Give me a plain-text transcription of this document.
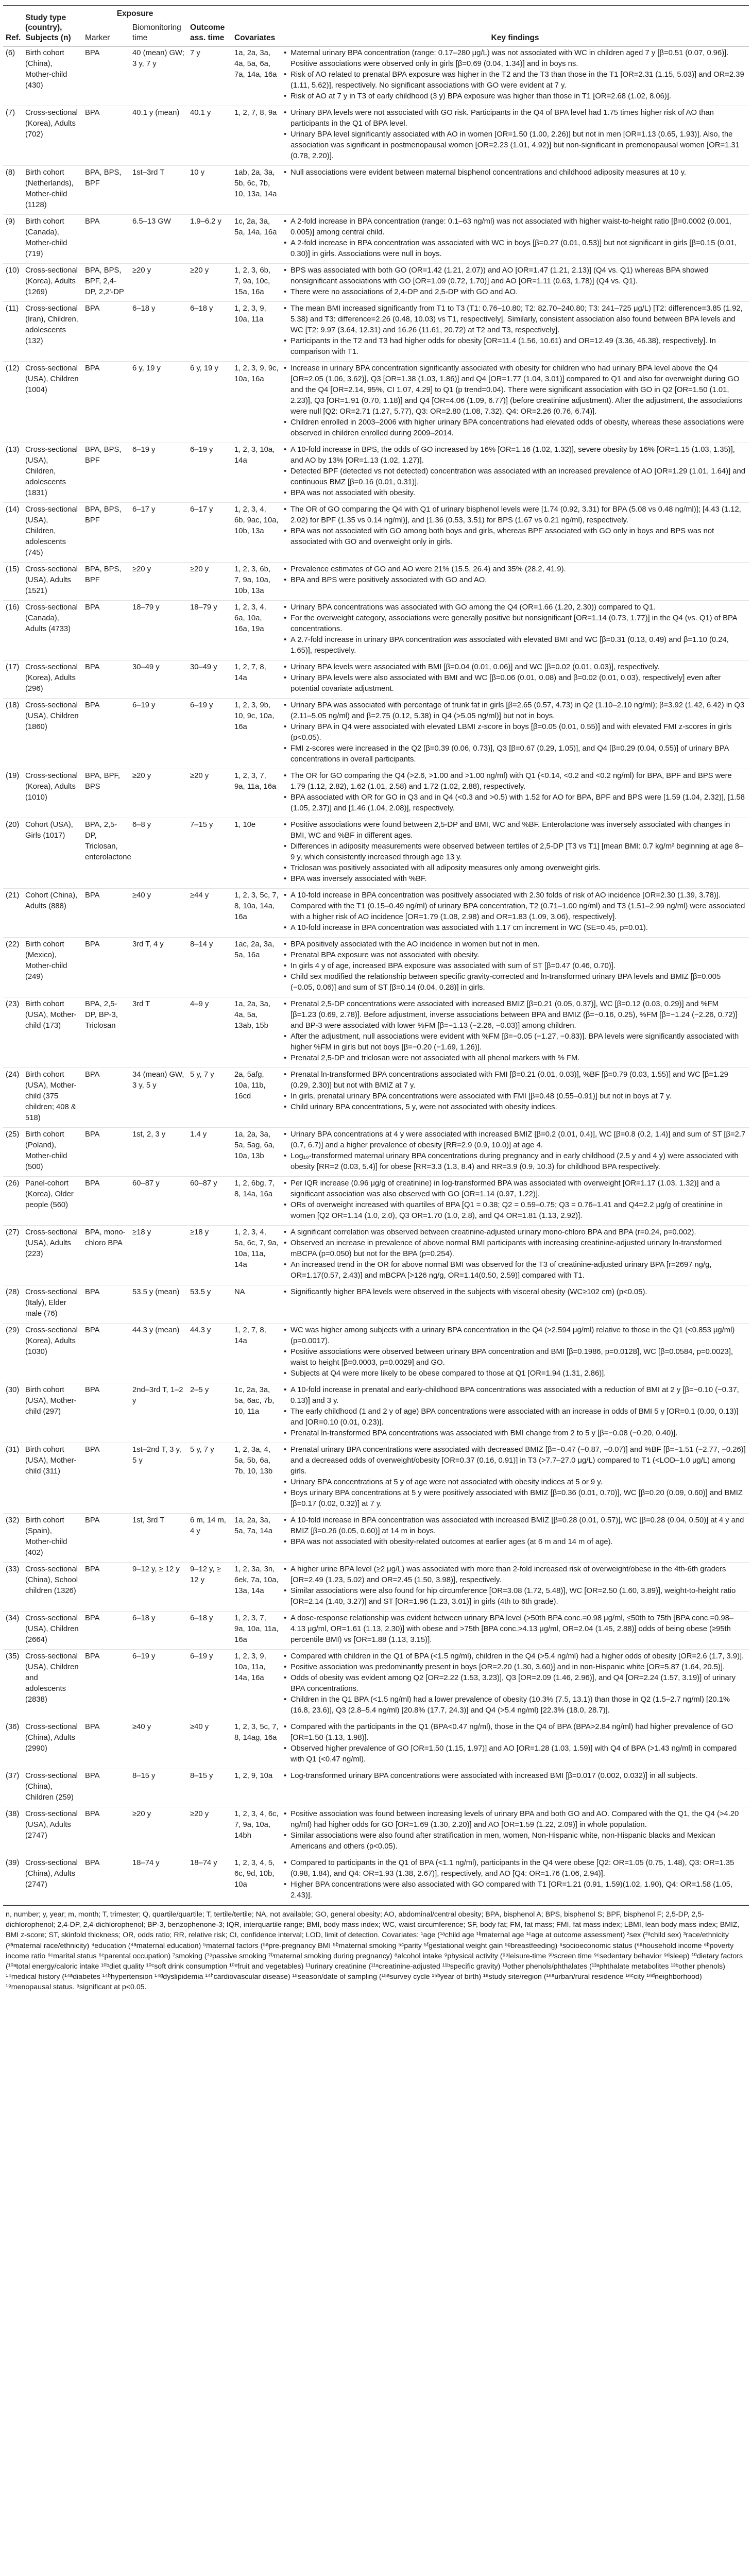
Ref.	Study type (country), Subjects (n)	Exposure		Outcome ass. time	Covariates	Key findings
		Marker	Biomonitoring time			
(6)	Birth cohort (China), Mother-child (430)	BPA	40 (mean) GW; 3 y, 7 y	7 y	1a, 2a, 3a, 4a, 5a, 6a, 7a, 14a, 16a	• Maternal urinary BPA concentration (range: 0.17–280 μg/L) was not associated with WC in children aged 7 y [β=0.51 (0.07, 0.96)]. Positive associations were observed only in girls [β=0.69 (0.04, 1.34)] and in boys ns.
• Risk of AO related to prenatal BPA exposure was higher in the T2 and the T3 than those in the T1 [OR=2.31 (1.15, 5.03)] and OR=2.39 (1.11, 5.62)], respectively. No significant associations with GO were evident at 7 y.
• Risk of AO at 7 y in T3 of early childhood (3 y) BPA exposure was higher than those in T1 [OR=2.68 (1.02, 8.06)].

(7)	Cross-sectional (Korea), Adults (702)	BPA	40.1 y (mean)	40.1 y	1, 2, 7, 8, 9a	• Urinary BPA levels were not associated with GO risk. Participants in the Q4 of BPA level had 1.75 times higher risk of AO than participants in the Q1 of BPA level.
• Urinary BPA level significantly associated with AO in women [OR=1.50 (1.00, 2.26)] but not in men [OR=1.13 (0.65, 1.93)]. Also, the association was significant in postmenopausal women [OR=2.23 (1.01, 4.92)] but non-significant in premenopausal women [OR=1.31 (0.78, 2.20)].

(8)	Birth cohort (Netherlands), Mother-child (1128)	BPA, BPS, BPF	1st–3rd T	10 y	1ab, 2a, 3a, 5b, 6c, 7b, 10, 13a, 14a	• Null associations were evident between maternal bisphenol concentrations and childhood adiposity measures at 10 y.

(9)	Birth cohort (Canada), Mother-child (719)	BPA	6.5–13 GW	1.9–6.2 y	1c, 2a, 3a, 5a, 14a, 16a	• A 2-fold increase in BPA concentration (range: 0.1–63 ng/ml) was not associated with higher waist-to-height ratio [β=0.0002 (0.001, 0.005)] among central child.
• A 2-fold increase in BPA concentration was associated with WC in boys [β=0.27 (0.01, 0.53)] but not significant in girls [β=0.15 (0.01, 0.30)] in girls. Associations were null in boys.

(10)	Cross-sectional (Korea), Adults (1269)	BPA, BPS, BPF, 2,4-DP, 2,2'-DP	≥20 y	≥20 y	1, 2, 3, 6b, 7, 9a, 10c, 15a, 16a	• BPS was associated with both GO (OR=1.42 (1.21, 2.07)) and AO [OR=1.47 (1.21, 2.13)] (Q4 vs. Q1) whereas BPA showed nonsignificant associations with GO [OR=1.09 (0.72, 1.70)] and AO [OR=1.11 (0.63, 1.78)] (Q4 vs. Q1).
• There were no associations of 2,4-DP and 2,5-DP with GO and AO.

(11)	Cross-sectional (Iran), Children, adolescents (132)	BPA	6–18 y	6–18 y	1, 2, 3, 9, 10a, 11a	• The mean BMI increased significantly from T1 to T3 (T1: 0.76–10.80; T2: 82.70–240.80; T3: 241–725 μg/L) [T2: difference=3.85 (1.92, 5.38) and T3: difference=2.26 (0.48, 10.03) vs T1, respectively]. Similarly, consistent association also found between BPA levels and WC [T2: 9.97 (3.64, 12.31) and 16.26 (11.61, 20.72) at T2 and T3, respectively].
• Participants in the T2 and T3 had higher odds for obesity [OR=11.4 (1.56, 10.61) and OR=12.49 (3.36, 46.38), respectively]. In comparison with T1.

(12)	Cross-sectional (USA), Children (1004)	BPA	6 y, 19 y	6 y, 19 y	1, 2, 3, 9, 9c, 10a, 16a	• Increase in urinary BPA concentration significantly associated with obesity for children who had urinary BPA level above the Q4 [OR=2.05 (1.06, 3.62)], Q3 [OR=1.38 (1.03, 1.86)] and Q4 [OR=1.77 (1.04, 3.01)] compared to Q1 and also for overweight during GO and the Q4 [OR=2.14, 95%, CI 1.07, 4.29] to Q1 (p trend=0.04). There were significant association with GO in Q2 [OR=1.50 (1.01, 2.23)], Q3 [OR=1.91 (0.70, 1.18)] and Q4 [OR=4.06 (1.09, 6.77)] (before creatinine adjustment). After the adjustment, the associations were null [Q2: OR=2.71 (1.27, 5.77), Q3: OR=2.80 (1.08, 7.32), Q4: OR=2.26 (0.76, 6.74)].
• Children enrolled in 2003–2006 with higher urinary BPA concentrations had elevated odds of obesity, whereas these associations were observed in children enrolled during 2009–2014.

(13)	Cross-sectional (USA), Children, adolescents (1831)	BPA, BPS, BPF	6–19 y	6–19 y	1, 2, 3, 10a, 14a	• A 10-fold increase in BPS, the odds of GO increased by 16% [OR=1.16 (1.02, 1.32)], severe obesity by 16% [OR=1.15 (1.03, 1.35)], and AO by 13% [OR=1.13 (1.02, 1.27)].
• Detected BPF (detected vs not detected) concentration was associated with an increased prevalence of AO [OR=1.29 (1.01, 1.64)] and continuous BMZ [β=0.16 (0.01, 0.31)].
• BPA was not associated with obesity.

(14)	Cross-sectional (USA), Children, adolescents (745)	BPA, BPS, BPF	6–17 y	6–17 y	1, 2, 3, 4, 6b, 9ac, 10a, 10b, 13a	• The OR of GO comparing the Q4 with Q1 of urinary bisphenol levels were [1.74 (0.92, 3.31) for BPA (5.08 vs 0.48 ng/ml)]; [4.43 (1.12, 2.02) for BPF (1.35 vs 0.14 ng/ml)], and [1.36 (0.53, 3.51) for BPS (1.67 vs 0.21 ng/ml), respectively.
• BPA was not associated with GO among both boys and girls, whereas BPF associated with GO only in boys and BPS was not associated with GO and overweight only in girls.

(15)	Cross-sectional (USA), Adults (1521)	BPA, BPS, BPF	≥20 y	≥20 y	1, 2, 3, 6b, 7, 9a, 10a, 10b, 13a	• Prevalence estimates of GO and AO were 21% (15.5, 26.4) and 35% (28.2, 41.9).
• BPA and BPS were positively associated with GO and AO.

(16)	Cross-sectional (Canada), Adults (4733)	BPA	18–79 y	18–79 y	1, 2, 3, 4, 6a, 10a, 16a, 19a	• Urinary BPA concentrations was associated with GO among the Q4 (OR=1.66 (1.20, 2.30)) compared to Q1.
• For the overweight category, associations were generally positive but nonsignificant [OR=1.14 (0.73, 1.77)] in the Q4 (vs. Q1) of BPA concentrations.
• A 2.7-fold increase in urinary BPA concentration was associated with elevated BMI and WC [β=0.31 (0.13, 0.49) and β=1.10 (0.24, 1.65)], respectively.

(17)	Cross-sectional (Korea), Adults (296)	BPA	30–49 y	30–49 y	1, 2, 7, 8, 14a	• Urinary BPA levels were associated with BMI [β=0.04 (0.01, 0.06)] and WC [β=0.02 (0.01, 0.03)], respectively.
• Urinary BPA levels were also associated with BMI and WC [β=0.06 (0.01, 0.08) and β=0.02 (0.01, 0.03), respectively] even after potential covariate adjustment.

(18)	Cross-sectional (USA), Children (1860)	BPA	6–19 y	6–19 y	1, 2, 3, 9b, 10, 9c, 10a, 16a	• Urinary BPA was associated with percentage of trunk fat in girls [β=2.65 (0.57, 4.73) in Q2 (1.10–2.10 ng/ml); β=3.92 (1.42, 6.42) in Q3 (2.11–5.05 ng/ml) and β=2.75 (0.12, 5.38) in Q4 (>5.05 ng/ml)] but not in boys.
• Urinary BPA in Q4 were associated with elevated LBMI z-score in boys [β=0.05 (0.01, 0.55)] and with elevated FMI z-scores in girls (p<0.05).
• FMI z-scores were increased in the Q2 [β=0.39 (0.06, 0.73)], Q3 [β=0.67 (0.29, 1.05)], and Q4 [β=0.29 (0.04, 0.55)] of urinary BPA concentrations in overall participants.

(19)	Cross-sectional (Korea), Adults (1010)	BPA, BPF, BPS	≥20 y	≥20 y	1, 2, 3, 7, 9a, 11a, 16a	• The OR for GO comparing the Q4 (>2.6, >1.00 and >1.00 ng/ml) with Q1 (<0.14, <0.2 and <0.2 ng/ml) for BPA, BPF and BPS were 1.79 (1.12, 2.82), 1.62 (1.01, 2.58) and 1.72 (1.02, 2.88), respectively.
• BPA associated with OR for GO in Q3 and in Q4 (<0.3 and >0.5) with 1.52 for AO for BPA, BPF and BPS were [1.59 (1.04, 2.32)], [1.58 (1.05, 2.37)] and [1.46 (1.04, 2.08)], respectively.

(20)	Cohort (USA), Girls (1017)	BPA, 2,5-DP, Triclosan, enterolactone	6–8 y	7–15 y	1, 10e	• Positive associations were found between 2,5-DP and BMI, WC and %BF. Enterolactone was inversely associated with changes in BMI, WC and %BF in different ages.
• Differences in adiposity measurements were observed between tertiles of 2,5-DP [T3 vs T1] [mean BMI: 0.7 kg/m² beginning at age 8–9 y, which consistently increased through age 13 y.
• Triclosan was positively associated with all adiposity measures only among overweight girls.
• BPA was inversely associated with %BF.

(21)	Cohort (China), Adults (888)	BPA	≥40 y	≥44 y	1, 2, 3, 5c, 7, 8, 10a, 14a, 16a	• A 10-fold increase in BPA concentration was positively associated with 2.30 folds of risk of AO incidence [OR=2.30 (1.39, 3.78)]. Compared with the T1 (0.15–0.49 ng/ml) of urinary BPA concentration, T2 (0.71–1.00 ng/ml) and T3 (1.51–2.99 ng/ml) were associated with a higher risk of AO incidence [OR=1.79 (1.08, 2.98) and OR=1.83 (1.09, 3.06), respectively].
• A 10-fold increase in BPA concentration was associated with 1.17 cm increment in WC (SE=0.45, p=0.01).

(22)	Birth cohort (Mexico), Mother-child (249)	BPA	3rd T, 4 y	8–14 y	1ac, 2a, 3a, 5a, 16a	• BPA positively associated with the AO incidence in women but not in men.
• Prenatal BPA exposure was not associated with obesity.
• In girls 4 y of age, increased BPA exposure was associated with sum of ST [β=0.47 (0.46, 0.70)].
• Child sex modified the relationship between specific gravity-corrected and ln-transformed urinary BPA levels and BMIZ [β=0.005 (−0.05, 0.06)] and sum of ST [β=0.14 (0.04, 0.28)] in girls.

(23)	Birth cohort (USA), Mother-child (173)	BPA, 2,5-DP, BP-3, Triclosan	3rd T	4–9 y	1a, 2a, 3a, 4a, 5a, 13ab, 15b	• Prenatal 2,5-DP concentrations were associated with increased BMIZ [β=0.21 (0.05, 0.37)], WC [β=0.12 (0.03, 0.29)] and %FM [β=1.23 (0.69, 2.78)]. Before adjustment, inverse associations between BPA and BMIZ (β=−0.16, 0.25), %FM [β=−1.24 (−2.26, 0.72)] and BP-3 were associated with lower %FM [β=−1.13 (−2.26, −0.03)] among children.
• After the adjustment, null associations were evident with %FM [β=−0.05 (−1.27, −0.83)]. BPA levels were significantly associated with higher %FM in girls but not boys [β=−0.20 (−1.69, 1.26)].
• Prenatal 2,5-DP and triclosan were not associated with all phenol markers with % FM.

(24)	Birth cohort (USA), Mother-child (375 children; 408 & 518)	BPA	34 (mean) GW, 3 y, 5 y	5 y, 7 y	2a, 5afg, 10a, 11b, 16cd	• Prenatal ln-transformed BPA concentrations associated with FMI [β=0.21 (0.01, 0.03)], %BF [β=0.79 (0.03, 1.55)] and WC [β=1.29 (0.29, 2.30)] but not with BMIZ at 7 y.
• In girls, prenatal urinary BPA concentrations were associated with FMI [β=0.48 (0.55–0.91)] but not in boys at 7 y.
• Child urinary BPA concentrations, 5 y, were not associated with obesity indices.

(25)	Birth cohort (Poland), Mother-child (500)	BPA	1st, 2, 3 y	1.4 y	1a, 2a, 3a, 5a, 5ag, 6a, 10a, 13b	• Urinary BPA concentrations at 4 y were associated with increased BMIZ [β=0.2 (0.01, 0.4)], WC [β=0.8 (0.2, 1.4)] and sum of ST [β=2.7 (0.7, 6.7)] and a higher prevalence of obesity [RR=2.9 (0.9, 10.0)] at age 4.
• Log₁₀-transformed maternal urinary BPA concentrations during pregnancy and in early childhood (2.5 y and 4 y) were associated with obesity [RR=2 (0.03, 5.4)] for obese [RR=3.3 (1.3, 8.4) and RR=3.9 (0.9, 10.3) for childhood BPA respectively.

(26)	Panel-cohort (Korea), Older people (560)	BPA	60–87 y	60–87 y	1, 2, 6bg, 7, 8, 14a, 16a	• Per IQR increase (0.96 μg/g of creatinine) in log-transformed BPA was associated with overweight [OR=1.17 (1.03, 1.32)] and a significant association was also observed with GO [OR=1.14 (0.97, 1.22)].
• ORs of overweight increased with quartiles of BPA [Q1 = 0.38; Q2 = 0.59–0.75; Q3 = 0.76–1.41 and Q4=2.2 μg/g of creatinine in women [Q2 OR=1.14 (1.0, 2.0), Q3 OR=1.70 (1.0, 2.8), and Q4 OR=1.81 (1.13, 2.92)].

(27)	Cross-sectional (USA), Adults (223)	BPA, mono-chloro BPA	≥18 y	≥18 y	1, 2, 3, 4, 5a, 6c, 7, 9a, 10a, 11a, 14a	• A significant correlation was observed between creatinine-adjusted urinary mono-chloro BPA and BPA (r=0.24, p=0.002).
• Observed an increase in prevalence of above normal BMI participants with increasing creatinine-adjusted urinary ln-transformed mBCPA (p=0.050) but not for the BPA (p=0.254).
• An increased trend in the OR for above normal BMI was observed for the T3 of creatinine-adjusted urinary BPA [r=2697 ng/g, OR=1.17(0.57, 2.43)] and mBCPA [>126 ng/g, OR=1.14(0.50, 2.59)] compared with T1.

(28)	Cross-sectional (Italy), Elder male (76)	BPA	53.5 y (mean)	53.5 y	NA	• Significantly higher BPA levels were observed in the subjects with visceral obesity (WC≥102 cm) (p<0.05).

(29)	Cross-sectional (Korea), Adults (1030)	BPA	44.3 y (mean)	44.3 y	1, 2, 7, 8, 14a	• WC was higher among subjects with a urinary BPA concentration in the Q4 (>2.594 μg/ml) relative to those in the Q1 (<0.853 μg/ml) (p=0.0017).
• Positive associations were observed between urinary BPA concentration and BMI [β=0.1986, p=0.0128], WC [β=0.0584, p=0.0023], waist to height [β=0.0003, p=0.0029] and GO.
• Subjects at Q4 were more likely to be obese compared to those at Q1 [OR=1.94 (1.31, 2.86)].

(30)	Birth cohort (USA), Mother-child (297)	BPA	2nd–3rd T, 1–2 y	2–5 y	1c, 2a, 3a, 5a, 6ac, 7b, 10, 11a	• A 10-fold increase in prenatal and early-childhood BPA concentrations was associated with a reduction of BMI at 2 y [β=−0.10 (−0.37, 0.13)] and 3 y.
• The early childhood (1 and 2 y of age) BPA concentrations were associated with an increase in odds of BMI 5 y [OR=0.1 (0.00, 0.13)] and [OR=0.10 (0.01, 0.23)].
• Prenatal ln-transformed BPA concentrations was associated with BMI change from 2 to 5 y [β=−0.08 (−0.20, 0.40)].

(31)	Birth cohort (USA), Mother-child (311)	BPA	1st–2nd T, 3 y, 5 y	5 y, 7 y	1, 2, 3a, 4, 5a, 5b, 6a, 7b, 10, 13b	• Prenatal urinary BPA concentrations were associated with decreased BMIZ [β=−0.47 (−0.87, −0.07)] and %BF [β=−1.51 (−2.77, −0.26)] and a decreased odds of overweight/obesity [OR=0.37 (0.16, 0.91)] in T3 (>7.7–27.0 μg/L) compared to T1 (<LOD–1.0 μg/L) among girls.
• Urinary BPA concentrations at 5 y of age were not associated with obesity indices at 5 or 9 y.
• Boys urinary BPA concentrations at 5 y were positively associated with BMIZ [β=0.36 (0.01, 0.70)], WC [β=0.20 (0.09, 0.60)] and BMIZ [β=0.17 (0.02, 0.32)] at 7 y.

(32)	Birth cohort (Spain), Mother-child (402)	BPA	1st, 3rd T	6 m, 14 m, 4 y	1a, 2a, 3a, 5a, 7a, 14a	• A 10-fold increase in BPA concentration was associated with increased BMIZ [β=0.28 (0.01, 0.57)], WC [β=0.28 (0.04, 0.50)] at 4 y and BMIZ [β=0.26 (0.05, 0.60)] at 14 m in boys.
• BPA was not associated with obesity-related outcomes at earlier ages (at 6 m and 14 m of age).

(33)	Cross-sectional (China), School children (1326)	BPA	9–12 y, ≥ 12 y	9–12 y, ≥ 12 y	1, 2, 3a, 3n, 6ek, 7a, 10a, 13a, 14a	• A higher urine BPA level (≥2 μg/L) was associated with more than 2-fold increased risk of overweight/obese in the 4th-6th graders [OR=2.49 (1.23, 5.02) and OR=2.45 (1.50, 3.98)], respectively.
• Similar associations were also found for hip circumference [OR=3.08 (1.72, 5.48)], WC [OR=2.50 (1.60, 3.89)], weight-to-height ratio [OR=2.14 (1.40, 3.27)] and ST [OR=1.96 (1.23, 3.01)] in girls (4th to 6th grade).

(34)	Cross-sectional (USA), Children (2664)	BPA	6–18 y	6–18 y	1, 2, 3, 7, 9a, 10a, 11a, 16a	• A dose-response relationship was evident between urinary BPA level (>50th BPA conc.=0.98 μg/ml, ≤50th to 75th [BPA conc.=0.98–4.13 μg/ml, OR=1.61 (1.13, 2.30)] with obese and >75th [BPA conc.>4.13 μg/ml, OR=2.04 (1.45, 2.88)] odds of being obese (≥95th percentile BMI) vs [OR=1.88 (1.13, 3.15)].

(35)	Cross-sectional (USA), Children and adolescents (2838)	BPA	6–19 y	6–19 y	1, 2, 3, 9, 10a, 11a, 14a, 16a	• Compared with children in the Q1 of BPA (<1.5 ng/ml), children in the Q4 (>5.4 ng/ml) had a higher odds of obesity [OR=2.6 (1.7, 3.9)].
• Positive association was predominantly present in boys [OR=2.20 (1.30, 3.60)] and in non-Hispanic white [OR=5.87 (1.64, 20.5)].
• Odds of obesity was evident among Q2 [OR=2.22 (1.53, 3.23)], Q3 [OR=2.09 (1.46, 2.96)], and Q4 [OR=2.24 (1.57, 3.19)] of urinary BPA concentrations.
• Children in the Q1 BPA (<1.5 ng/ml) had a lower prevalence of obesity (10.3% (7.5, 13.1)) than those in Q2 (1.5–2.7 ng/ml) [20.1% (16.8, 23.6)], Q3 (2.8–5.4 ng/ml) [20.8% (17.7, 24.3)] and Q4 (>5.4 ng/ml) [22.3% (18.0, 28.7)].

(36)	Cross-sectional (China), Adults (2990)	BPA	≥40 y	≥40 y	1, 2, 3, 5c, 7, 8, 14ag, 16a	• Compared with the participants in the Q1 (BPA<0.47 ng/ml), those in the Q4 of BPA (BPA>2.84 ng/ml) had higher prevalence of GO [OR=1.50 (1.13, 1.98)].
• Observed higher prevalence of GO [OR=1.50 (1.15, 1.97)] and AO [OR=1.28 (1.03, 1.59)] with Q4 of BPA (>1.43 ng/ml) in compared with Q1 (<0.47 ng/ml).

(37)	Cross-sectional (China), Children (259)	BPA	8–15 y	8–15 y	1, 2, 9, 10a	• Log-transformed urinary BPA concentrations were associated with increased BMI [β=0.017 (0.002, 0.032)] in all subjects.

(38)	Cross-sectional (USA), Adults (2747)	BPA	≥20 y	≥20 y	1, 2, 3, 4, 6c, 7, 9a, 10a, 14bh	• Positive association was found between increasing levels of urinary BPA and both GO and AO. Compared with the Q1, the Q4 (>4.20 ng/ml) had higher odds for GO [OR=1.69 (1.30, 2.20)] and AO [OR=1.59 (1.22, 2.09)] in whole population.
• Similar associations were also found after stratification in men, women, Non-Hispanic white, non-Hispanic blacks and Mexican Americans and others (p<0.05).

(39)	Cross-sectional (China), Adults (2747)	BPA	18–74 y	18–74 y	1, 2, 3, 4, 5, 6c, 9d, 10b, 10a	• Compared to participants in the Q1 of BPA (<1.1 ng/ml), participants in the Q4 were obese [Q2: OR=1.05 (0.75, 1.48), Q3: OR=1.35 (0.98, 1.84), and Q4: OR=1.93 (1.38, 2.67)], respectively, and AO [Q4: OR=1.76 (1.06, 2.94)].
• Higher BPA concentrations were also associated with GO compared with T1 [OR=1.21 (0.91, 1.59)(1.02, 1.90), Q4: OR=1.58 (1.05, 2.43)].
n, number; y, year; m, month; T, trimester; Q, quartile/quartile; T, tertile/tertile; NA, not available; GO, general obesity; AO, abdominal/central obesity; BPA, bisphenol A; BPS, bisphenol S; BPF, bisphenol F; 2,5-DP, 2,5-dichlorophenol; 2,4-DP, 2,4-dichlorophenol; BP-3, benzophenone-3; IQR, interquartile range; BMI, body mass index; WC, waist circumference; SF, body fat; FM, fat mass; FMI, fat mass index; LBMI, lean body mass index; BMIZ, BMI z-score; ST, skinfold thickness; OR, odds ratio; RR, relative risk; CI, confidence interval; LOD, limit of detection. Covariates: ¹age (¹ᵃchild age ¹ᵇmaternal age ¹ᶜage at outcome assessment) ²sex (²ᵃchild sex) ³race/ethnicity (³ᵃmaternal race/ethnicity) ⁴education (⁴ᵃmaternal education) ⁵maternal factors (⁵ᵃpre-pregnancy BMI ⁵ᵇmaternal smoking ⁵ᶜparity ⁵ᶠgestational weight gain ⁵ᵍbreastfeeding) ⁶socioeconomic status (⁶ᵃhousehold income ⁶ᵇpoverty income ratio ⁶ᶜmarital status ⁶ᵉparental occupation) ⁷smoking (⁷ᵃpassive smoking ⁷ᵇmaternal smoking during pregnancy) ⁸alcohol intake ⁹physical activity (⁹ᵃleisure-time ⁹ᵇscreen time ⁹ᶜsedentary behavior ⁹ᵈsleep) ¹⁰dietary factors (¹⁰ᵃtotal energy/caloric intake ¹⁰ᵇdiet quality ¹⁰ᶜsoft drink consumption ¹⁰ᵉfruit and vegetables) ¹¹urinary creatinine (¹¹ᵃcreatinine-adjusted ¹¹ᵇspecific gravity) ¹³other phenols/phthalates (¹³ᵃphthalate metabolites ¹³ᵇother phenols) ¹⁴medical history (¹⁴ᵃdiabetes ¹⁴ᵇhypertension ¹⁴ᵍdyslipidemia ¹⁴ʰcardiovascular disease) ¹⁵season/date of sampling (¹⁵ᵃsurvey cycle ¹⁵ᵇyear of birth) ¹⁶study site/region (¹⁶ᵃurban/rural residence ¹⁶ᶜcity ¹⁶ᵈneighborhood) ¹⁹menopausal status. ᵃsignificant at p<0.05.
